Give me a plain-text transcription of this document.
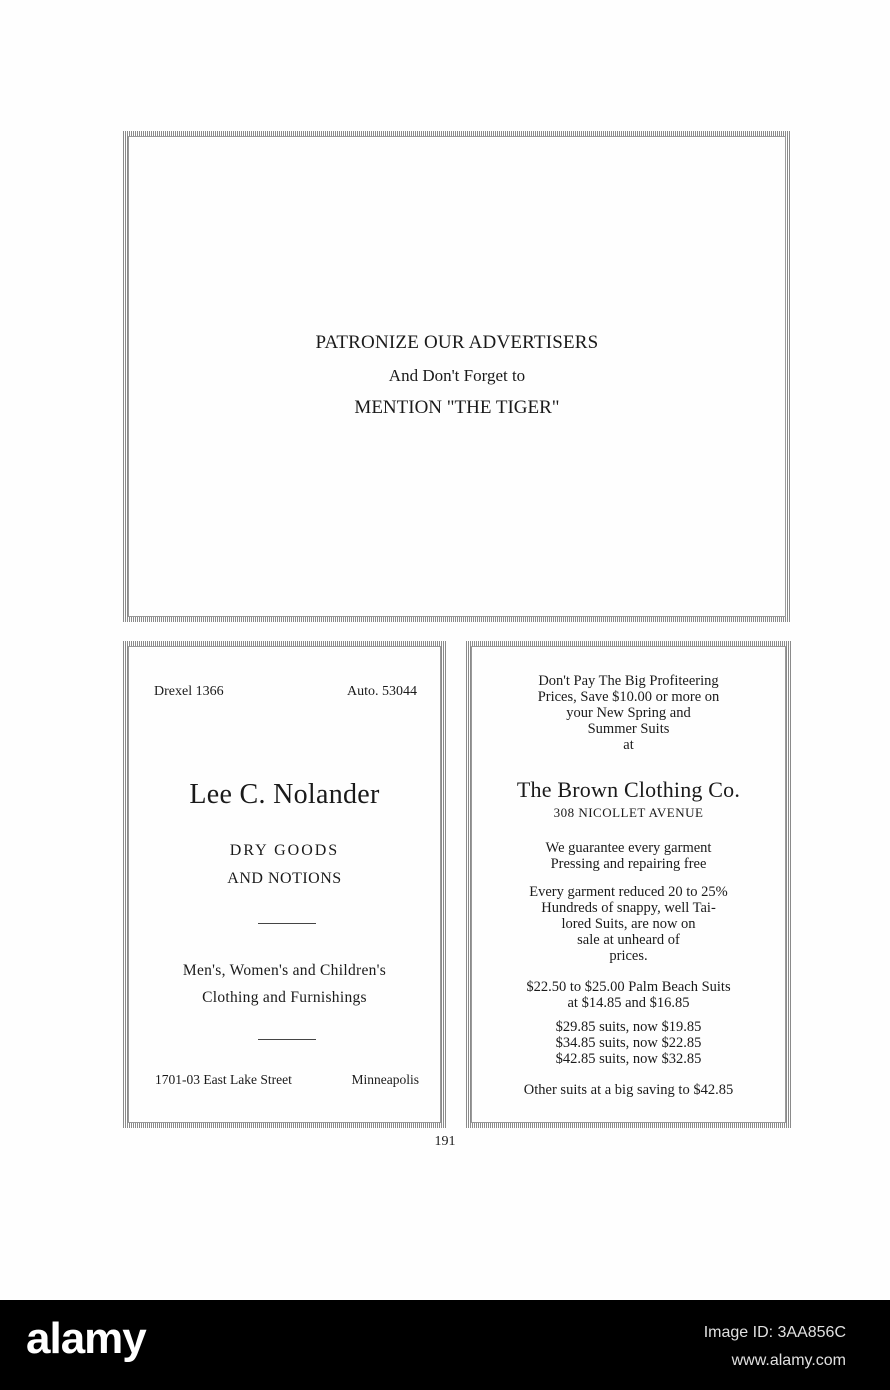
PATRONIZE OUR ADVERTISERS
And Don't Forget to
MENTION "THE TIGER"
Drexel 1366	Auto. 53044
Lee C. Nolander
DRY GOODS
AND NOTIONS
Men's, Women's and Children's
Clothing and Furnishings
1701-03 East Lake Street	Minneapolis
Don't Pay The Big Profiteering
Prices, Save $10.00 or more on
your New Spring and
Summer Suits
at
The Brown Clothing Co.
308 NICOLLET AVENUE
We guarantee every garment
Pressing and repairing free
Every garment reduced 20 to 25%
Hundreds of snappy, well Tai-
lored Suits, are now on
sale at unheard of
prices.
$22.50 to $25.00 Palm Beach Suits
at $14.85 and $16.85
$29.85 suits, now $19.85
$34.85 suits, now $22.85
$42.85 suits, now $32.85
Other suits at a big saving to $42.85
191
alamy	Image ID: 3AA856C
www.alamy.com
